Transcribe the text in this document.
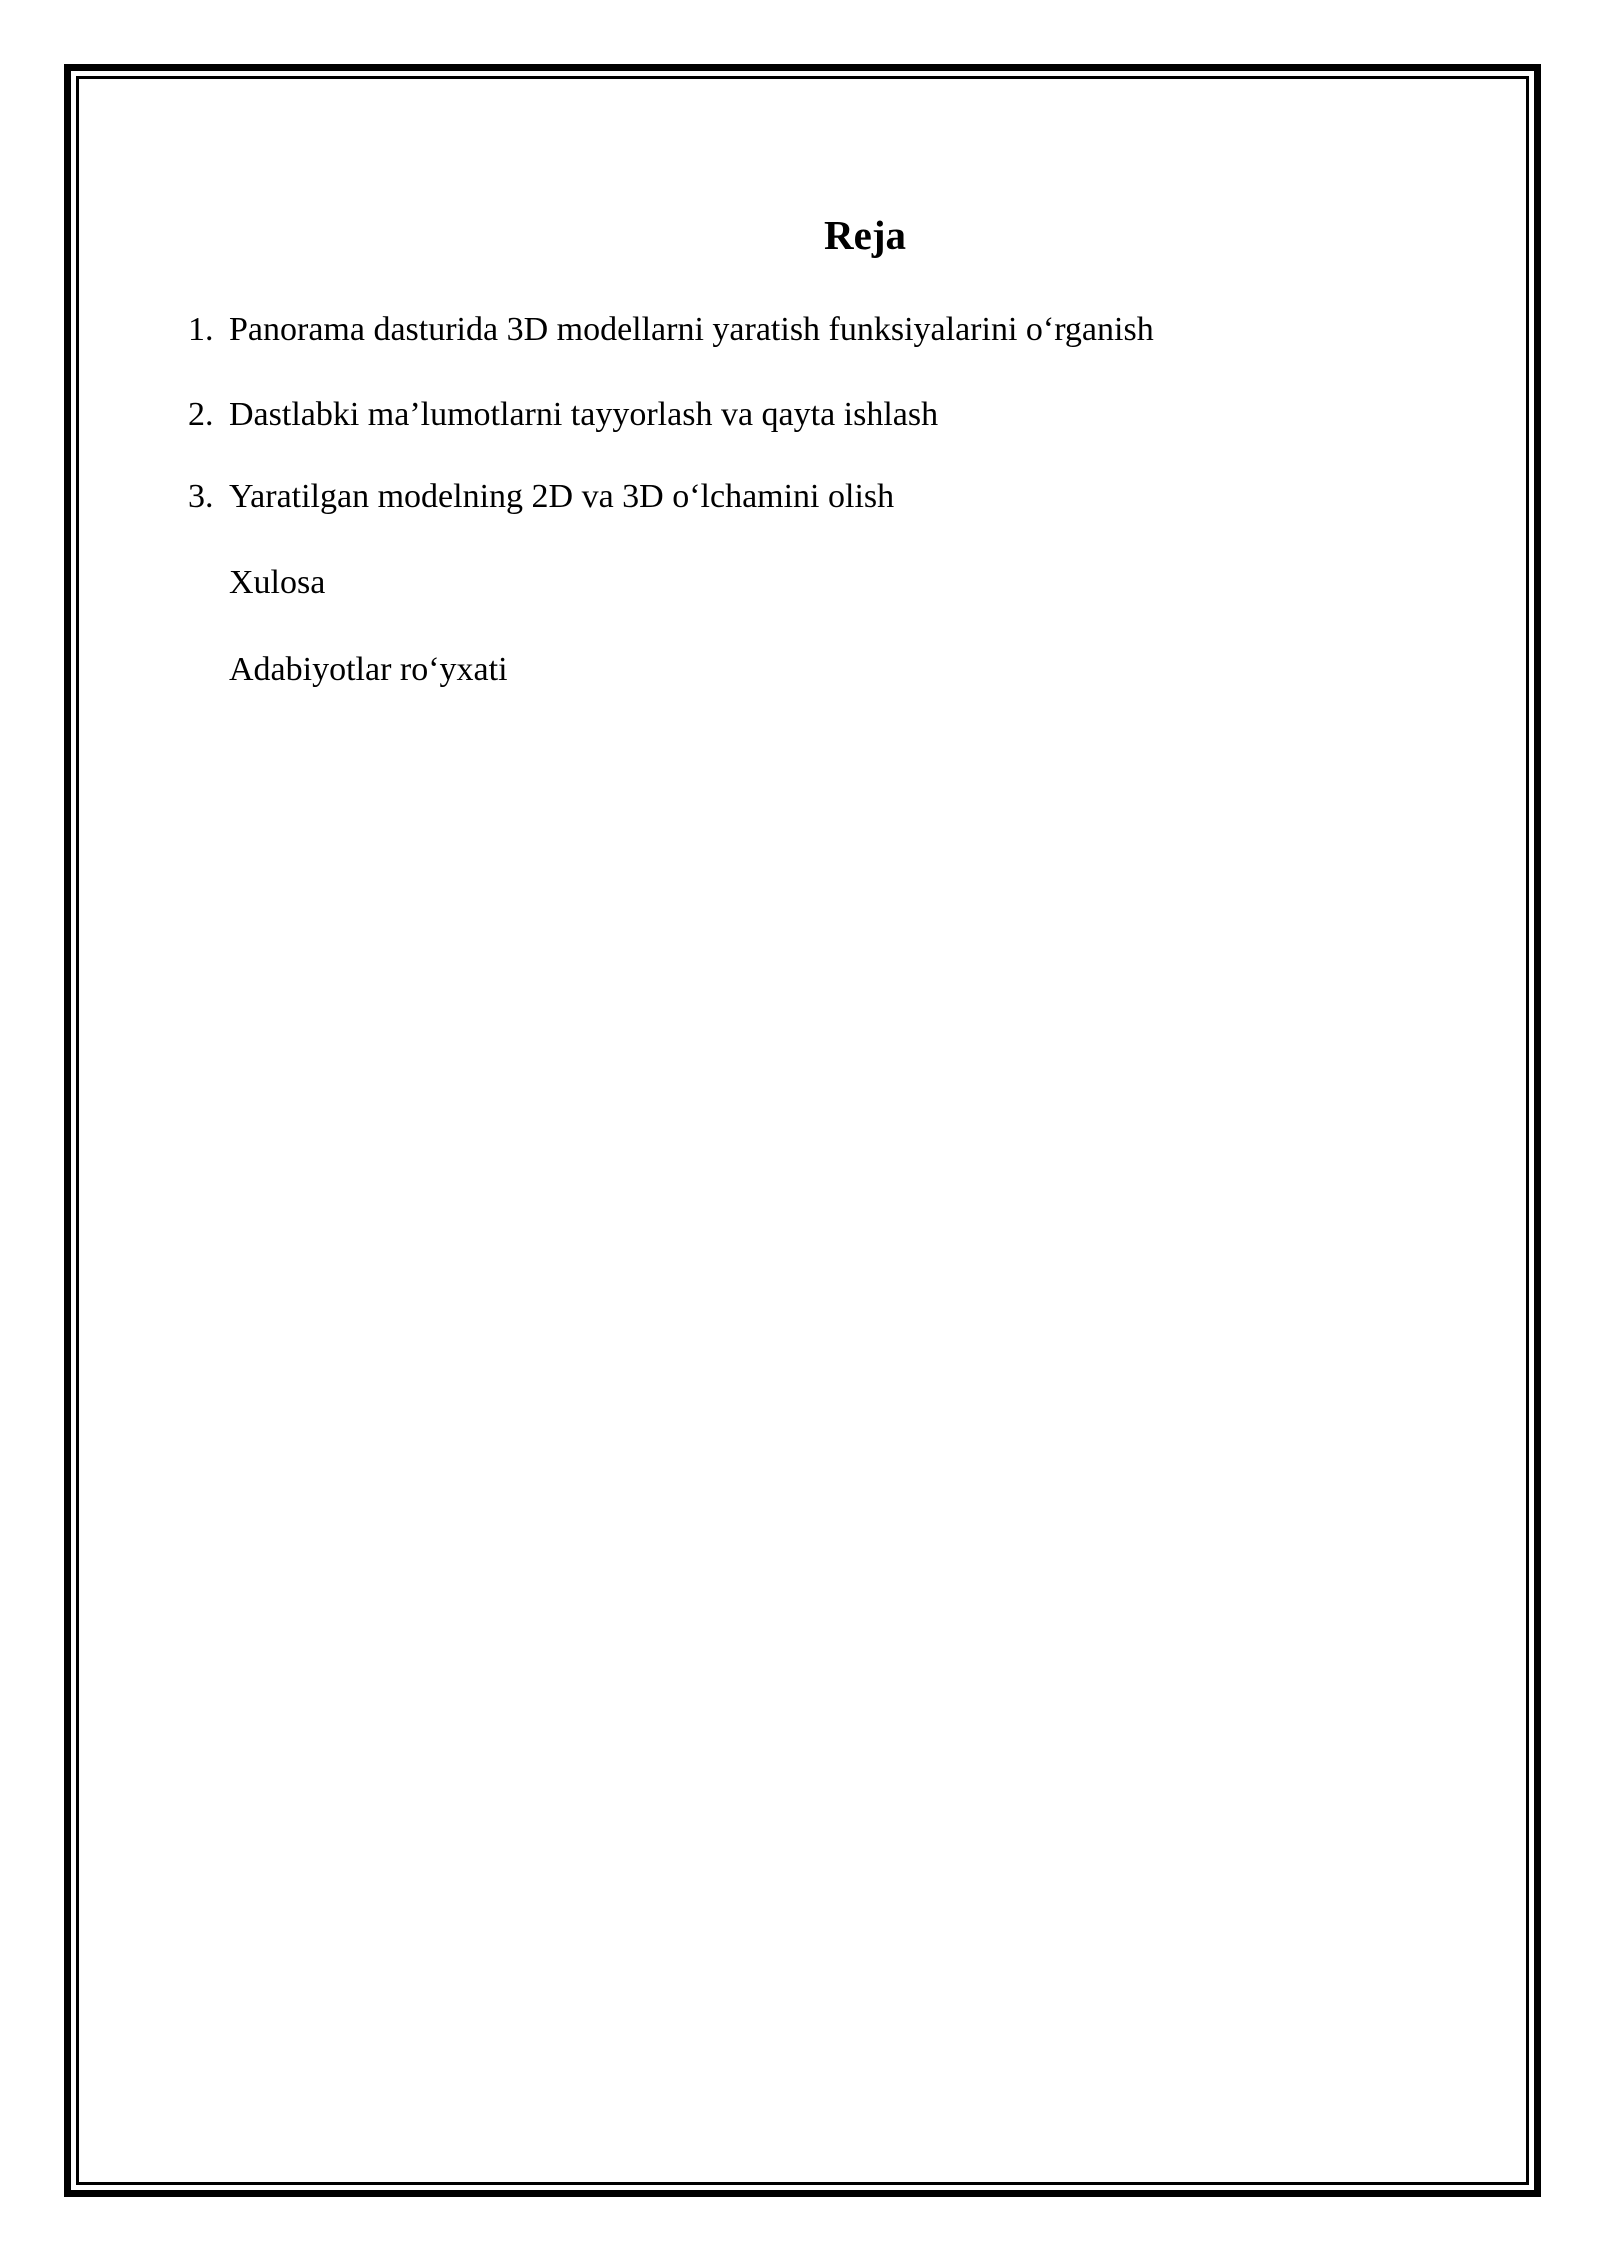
Reja
1. Panorama dasturida 3D modellarni yaratish funksiyalarini o‘rganish
2. Dastlabki ma’lumotlarni tayyorlash va qayta ishlash
3. Yaratilgan modelning 2D va 3D o‘lchamini olish
Xulosa
Adabiyotlar ro‘yxati
